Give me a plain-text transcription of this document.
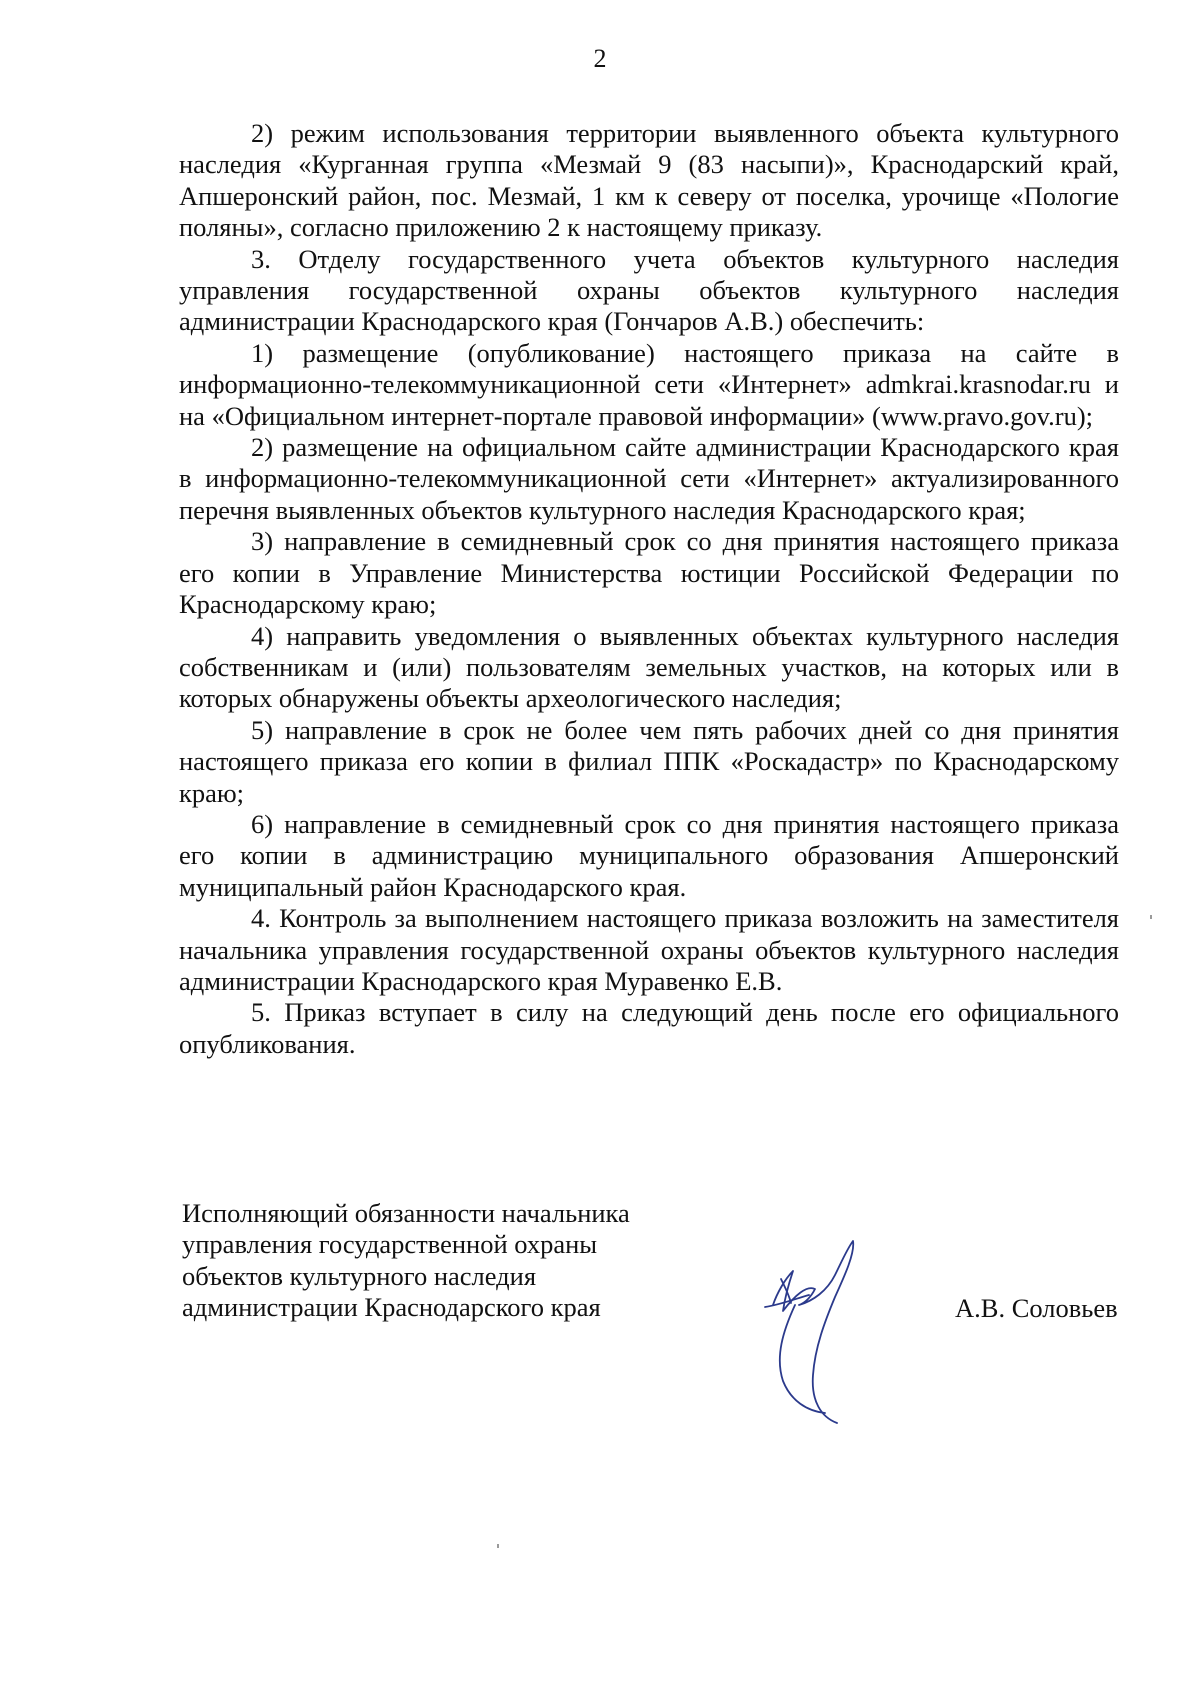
2

2) режим использования территории выявленного объекта культурного наследия «Курганная группа «Мезмай 9 (83 насыпи)», Краснодарский край, Апшеронский район, пос. Мезмай, 1 км к северу от поселка, урочище «Пологие поляны», согласно приложению 2 к настоящему приказу.

3. Отделу государственного учета объектов культурного наследия управления государственной охраны объектов культурного наследия администрации Краснодарского края (Гончаров А.В.) обеспечить:

1) размещение (опубликование) настоящего приказа на сайте в информационно-телекоммуникационной сети «Интернет» admkrai.krasnodar.ru и на «Официальном интернет-портале правовой информации» (www.pravo.gov.ru);

2) размещение на официальном сайте администрации Краснодарского края в информационно-телекоммуникационной сети «Интернет» актуализированного перечня выявленных объектов культурного наследия Краснодарского края;

3) направление в семидневный срок со дня принятия настоящего приказа его копии в Управление Министерства юстиции Российской Федерации по Краснодарскому краю;

4) направить уведомления о выявленных объектах культурного наследия собственникам и (или) пользователям земельных участков, на которых или в которых обнаружены объекты археологического наследия;

5) направление в срок не более чем пять рабочих дней со дня принятия настоящего приказа его копии в филиал ППК «Роскадастр» по Краснодарскому краю;

6) направление в семидневный срок со дня принятия настоящего приказа его копии в администрацию муниципального образования Апшеронский муниципальный район Краснодарского края.

4. Контроль за выполнением настоящего приказа возложить на заместителя начальника управления государственной охраны объектов культурного наследия администрации Краснодарского края Муравенко Е.В.

5. Приказ вступает в силу на следующий день после его официального опубликования.

Исполняющий обязанности начальника
управления государственной охраны
объектов культурного наследия
администрации Краснодарского края	А.В. Соловьев
